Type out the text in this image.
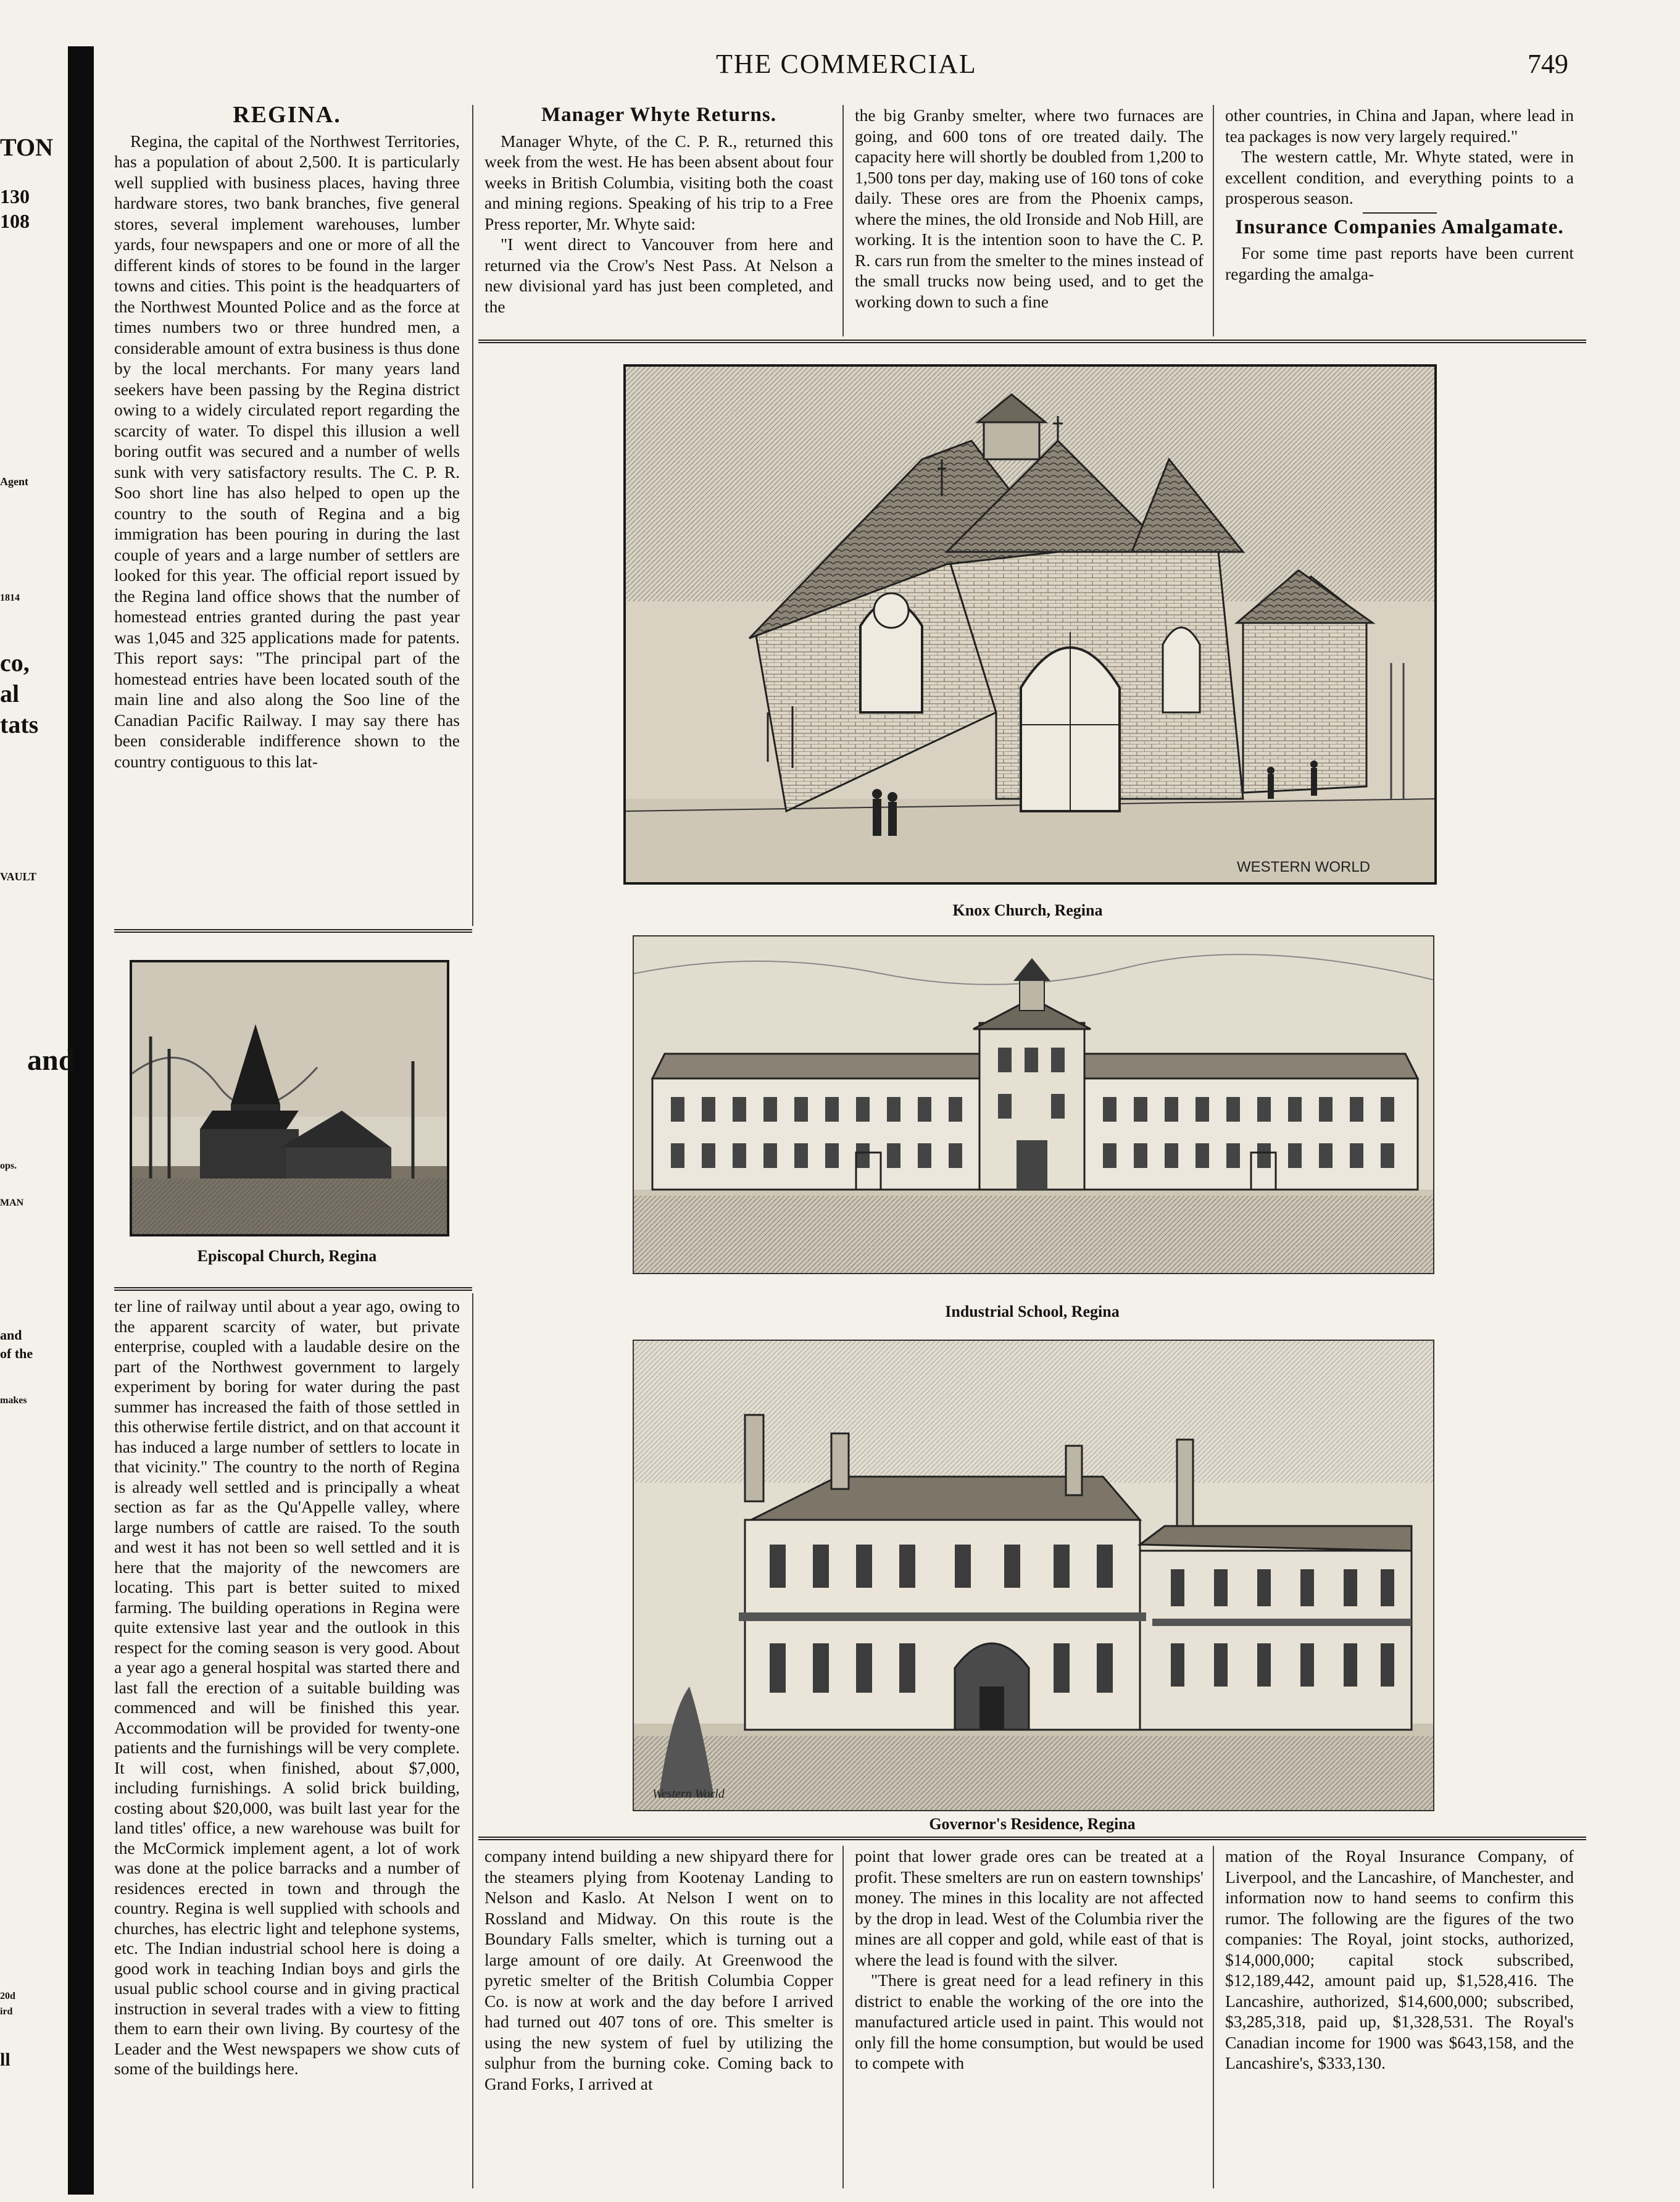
TON
130
108
Agent
1814
co,
al
tats
VAULT
and
ops.
MAN
and
of the
makes
20d
ird
ll
THE COMMERCIAL	749
REGINA.

Regina, the capital of the Northwest Territories, has a population of about 2,500. It is particularly well supplied with business places, having three hardware stores, two bank branches, five general stores, several implement warehouses, lumber yards, four newspapers and one or more of all the different kinds of stores to be found in the larger towns and cities. This point is the headquarters of the Northwest Mounted Police and as the force at times numbers two or three hundred men, a considerable amount of extra business is thus done by the local merchants. For many years land seekers have been passing by the Regina district owing to a widely circulated report regarding the scarcity of water. To dispel this illusion a well boring outfit was secured and a number of wells sunk with very satisfactory results. The C. P. R. Soo short line has also helped to open up the country to the south of Regina and a big immigration has been pouring in during the last couple of years and a large number of settlers are looked for this year. The official report issued by the Regina land office shows that the number of homestead entries granted during the past year was 1,045 and 325 applications made for patents. This report says: "The principal part of the homestead entries have been located south of the main line and also along the Soo line of the Canadian Pacific Railway. I may say there has been considerable indifference shown to the country contiguous to this lat-

Manager Whyte Returns.

Manager Whyte, of the C. P. R., returned this week from the west. He has been absent about four weeks in British Columbia, visiting both the coast and mining regions. Speaking of his trip to a Free Press reporter, Mr. Whyte said:

"I went direct to Vancouver from here and returned via the Crow's Nest Pass. At Nelson a new divisional yard has just been completed, and the

the big Granby smelter, where two furnaces are going, and 600 tons of ore treated daily. The capacity here will shortly be doubled from 1,200 to 1,500 tons per day, making use of 160 tons of coke daily. These ores are from the Phoenix camps, where the mines, the old Ironside and Nob Hill, are working. It is the intention soon to have the C. P. R. cars run from the smelter to the mines instead of the small trucks now being used, and to get the working down to such a fine

other countries, in China and Japan, where lead in tea packages is now very largely required."

The western cattle, Mr. Whyte stated, were in excellent condition, and everything points to a prosperous season.

Insurance Companies Amalgamate.

For some time past reports have been current regarding the amalga-

WESTERN WORLD
Knox Church, Regina
Episcopal Church, Regina
Industrial School, Regina
Western World
Governor's Residence, Regina

ter line of railway until about a year ago, owing to the apparent scarcity of water, but private enterprise, coupled with a laudable desire on the part of the Northwest government to largely experiment by boring for water during the past summer has increased the faith of those settled in this otherwise fertile district, and on that account it has induced a large number of settlers to locate in that vicinity." The country to the north of Regina is already well settled and is principally a wheat section as far as the Qu'Appelle valley, where large numbers of cattle are raised. To the south and west it has not been so well settled and it is here that the majority of the newcomers are locating. This part is better suited to mixed farming. The building operations in Regina were quite extensive last year and the outlook in this respect for the coming season is very good. About a year ago a general hospital was started there and last fall the erection of a suitable building was commenced and will be finished this year. Accommodation will be provided for twenty-one patients and the furnishings will be very complete. It will cost, when finished, about $7,000, including furnishings. A solid brick building, costing about $20,000, was built last year for the land titles' office, a new warehouse was built for the McCormick implement agent, a lot of work was done at the police barracks and a number of residences erected in town and through the country. Regina is well supplied with schools and churches, has electric light and telephone systems, etc. The Indian industrial school here is doing a good work in teaching Indian boys and girls the usual public school course and in giving practical instruction in several trades with a view to fitting them to earn their own living. By courtesy of the Leader and the West newspapers we show cuts of some of the buildings here.

company intend building a new shipyard there for the steamers plying from Kootenay Landing to Nelson and Kaslo. At Nelson I went on to Rossland and Midway. On this route is the Boundary Falls smelter, which is turning out a large amount of ore daily. At Greenwood the pyretic smelter of the British Columbia Copper Co. is now at work and the day before I arrived had turned out 407 tons of ore. This smelter is using the new system of fuel by utilizing the sulphur from the burning coke. Coming back to Grand Forks, I arrived at

point that lower grade ores can be treated at a profit. These smelters are run on eastern townships' money. The mines in this locality are not affected by the drop in lead. West of the Columbia river the mines are all copper and gold, while east of that is where the lead is found with the silver.

"There is great need for a lead refinery in this district to enable the working of the ore into the manufactured article used in paint. This would not only fill the home consumption, but would be used to compete with

mation of the Royal Insurance Company, of Liverpool, and the Lancashire, of Manchester, and information now to hand seems to confirm this rumor. The following are the figures of the two companies: The Royal, joint stocks, authorized, $14,000,000; capital stock subscribed, $12,189,442, amount paid up, $1,528,416. The Lancashire, authorized, $14,600,000; subscribed, $3,285,318, paid up, $1,328,531. The Royal's Canadian income for 1900 was $643,158, and the Lancashire's, $333,130.
